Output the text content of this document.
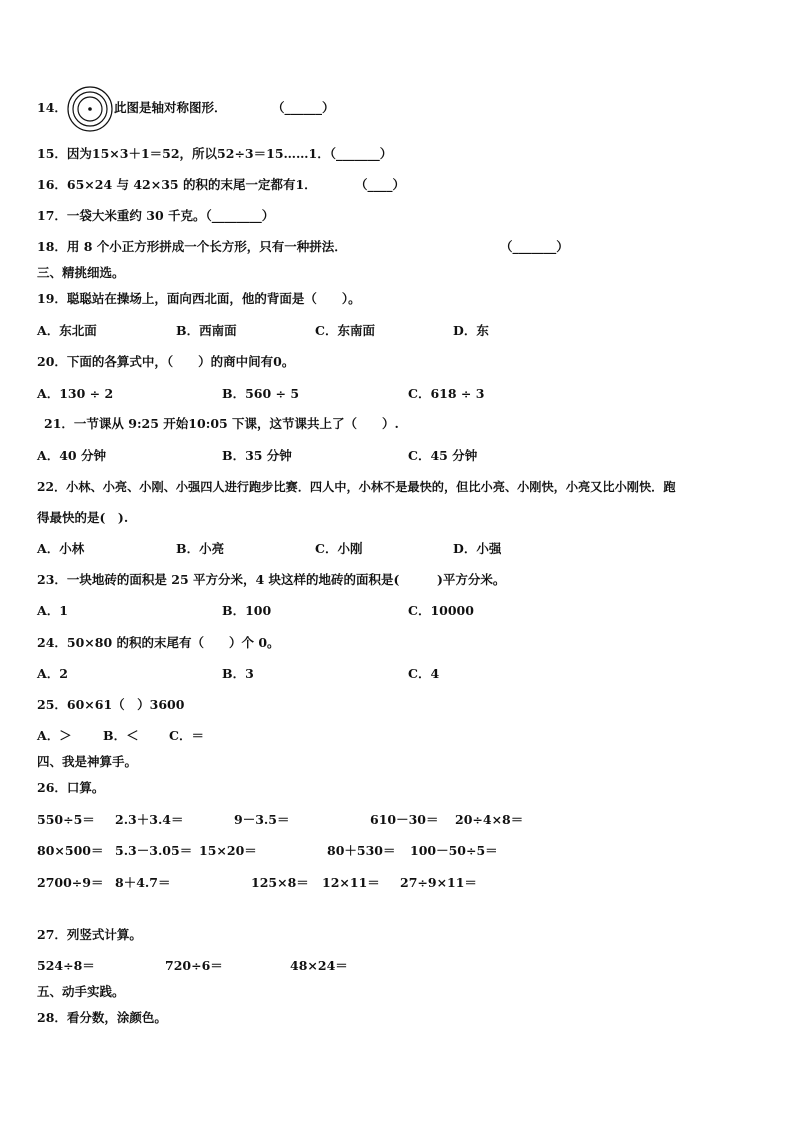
14．	此图是轴对称图形．	（______）
15．因为15×3＋1＝52，所以52÷3＝15……1．（_______）
16．65×24 与 42×35 的积的末尾一定都有1．	（____）
17．一袋大米重约 30 千克。（________）
18．用 8 个小正方形拼成一个长方形，只有一种拼法．	（_______）
三、精挑细选。
19．聪聪站在操场上，面向西北面，他的背面是（　　）。
A．东北面	B．西南面	C．东南面	D．东
20．下面的各算式中，（　　）的商中间有0。
A．130 ÷ 2	B．560 ÷ 5	C．618 ÷ 3
21．一节课从 9:25 开始10:05 下课，这节课共上了（　　）.
A．40 分钟	B．35 分钟	C．45 分钟
22．小林、小亮、小刚、小强四人进行跑步比赛．四人中，小林不是最快的，但比小亮、小刚快，小亮又比小刚快．跑
得最快的是(　).
A．小林	B．小亮	C．小刚	D．小强
23．一块地砖的面积是 25 平方分米，4 块这样的地砖的面积是(　　　)平方分米。
A．1	B．100	C．10000
24．50×80 的积的末尾有（　　）个 0。
A．2	B．3	C．4
25．60×61（　）3600
A．＞	B．＜ C．＝
四、我是神算手。
26．口算。
550÷5＝ 2.3＋3.4＝	9－3.5＝	610－30＝ 20÷4×8＝
80×500＝ 5.3－3.05＝ 15×20＝	80＋530＝ 100－50÷5＝
2700÷9＝ 8＋4.7＝	125×8＝ 12×11＝ 27÷9×11＝
27．列竖式计算。
524÷8＝	720÷6＝	48×24＝
五、动手实践。
28．看分数，涂颜色。
